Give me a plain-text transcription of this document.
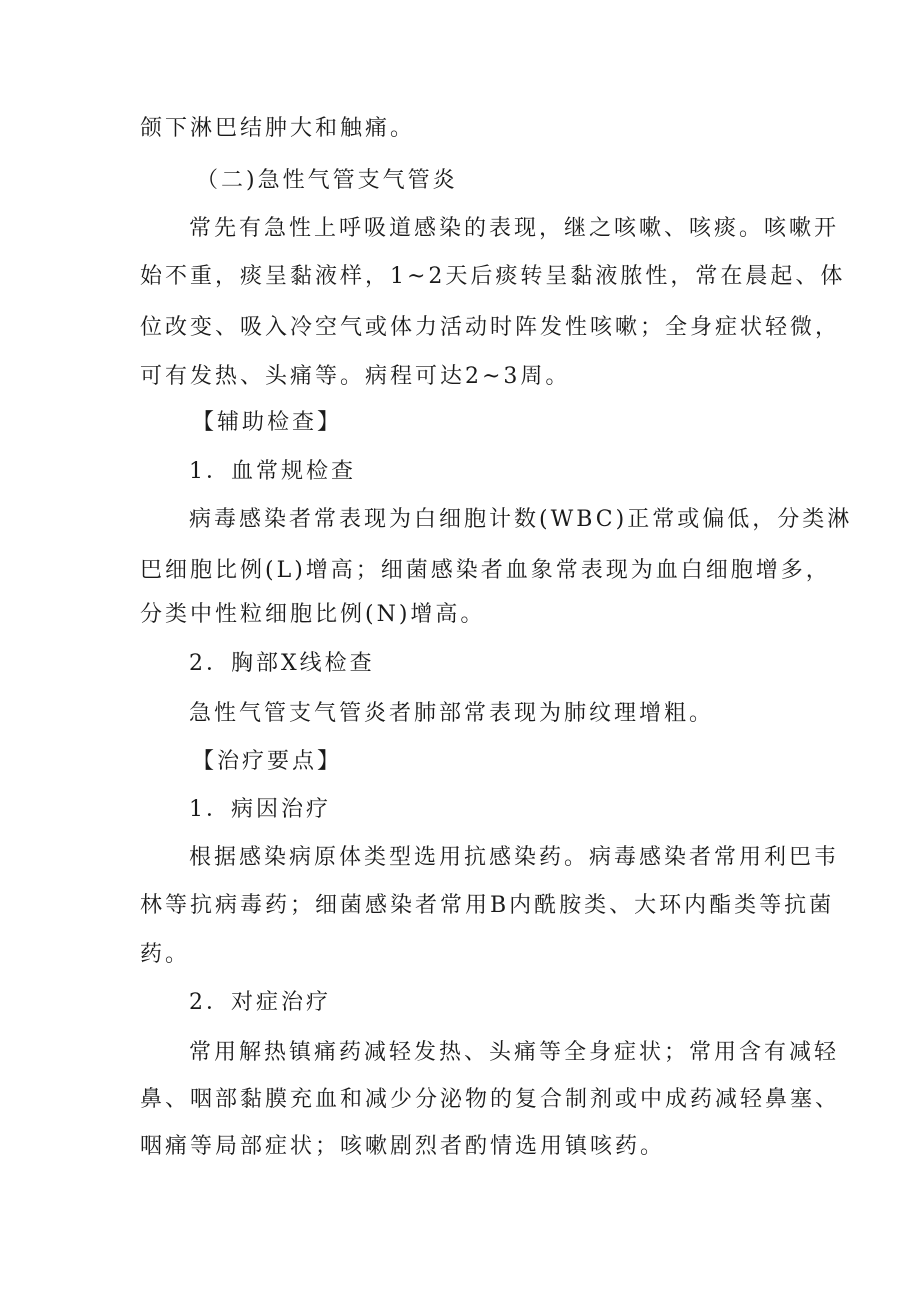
颌下淋巴结肿大和触痛。
（二)急性气管支气管炎
常先有急性上呼吸道感染的表现，继之咳嗽、咳痰。咳嗽开
始不重，痰呈黏液样，1~2天后痰转呈黏液脓性，常在晨起、体
位改变、吸入冷空气或体力活动时阵发性咳嗽；全身症状轻微，
可有发热、头痛等。病程可达2~3周。
【辅助检查】
1．血常规检查
病毒感染者常表现为白细胞计数(WBC)正常或偏低，分类淋
巴细胞比例(L)增高；细菌感染者血象常表现为血白细胞增多，
分类中性粒细胞比例(N)增高。
2．胸部X线检查
急性气管支气管炎者肺部常表现为肺纹理增粗。
【治疗要点】
1．病因治疗
根据感染病原体类型选用抗感染药。病毒感染者常用利巴韦
林等抗病毒药；细菌感染者常用B内酰胺类、大环内酯类等抗菌
药。
2．对症治疗
常用解热镇痛药减轻发热、头痛等全身症状；常用含有减轻
鼻、咽部黏膜充血和减少分泌物的复合制剂或中成药减轻鼻塞、
咽痛等局部症状；咳嗽剧烈者酌情选用镇咳药。
